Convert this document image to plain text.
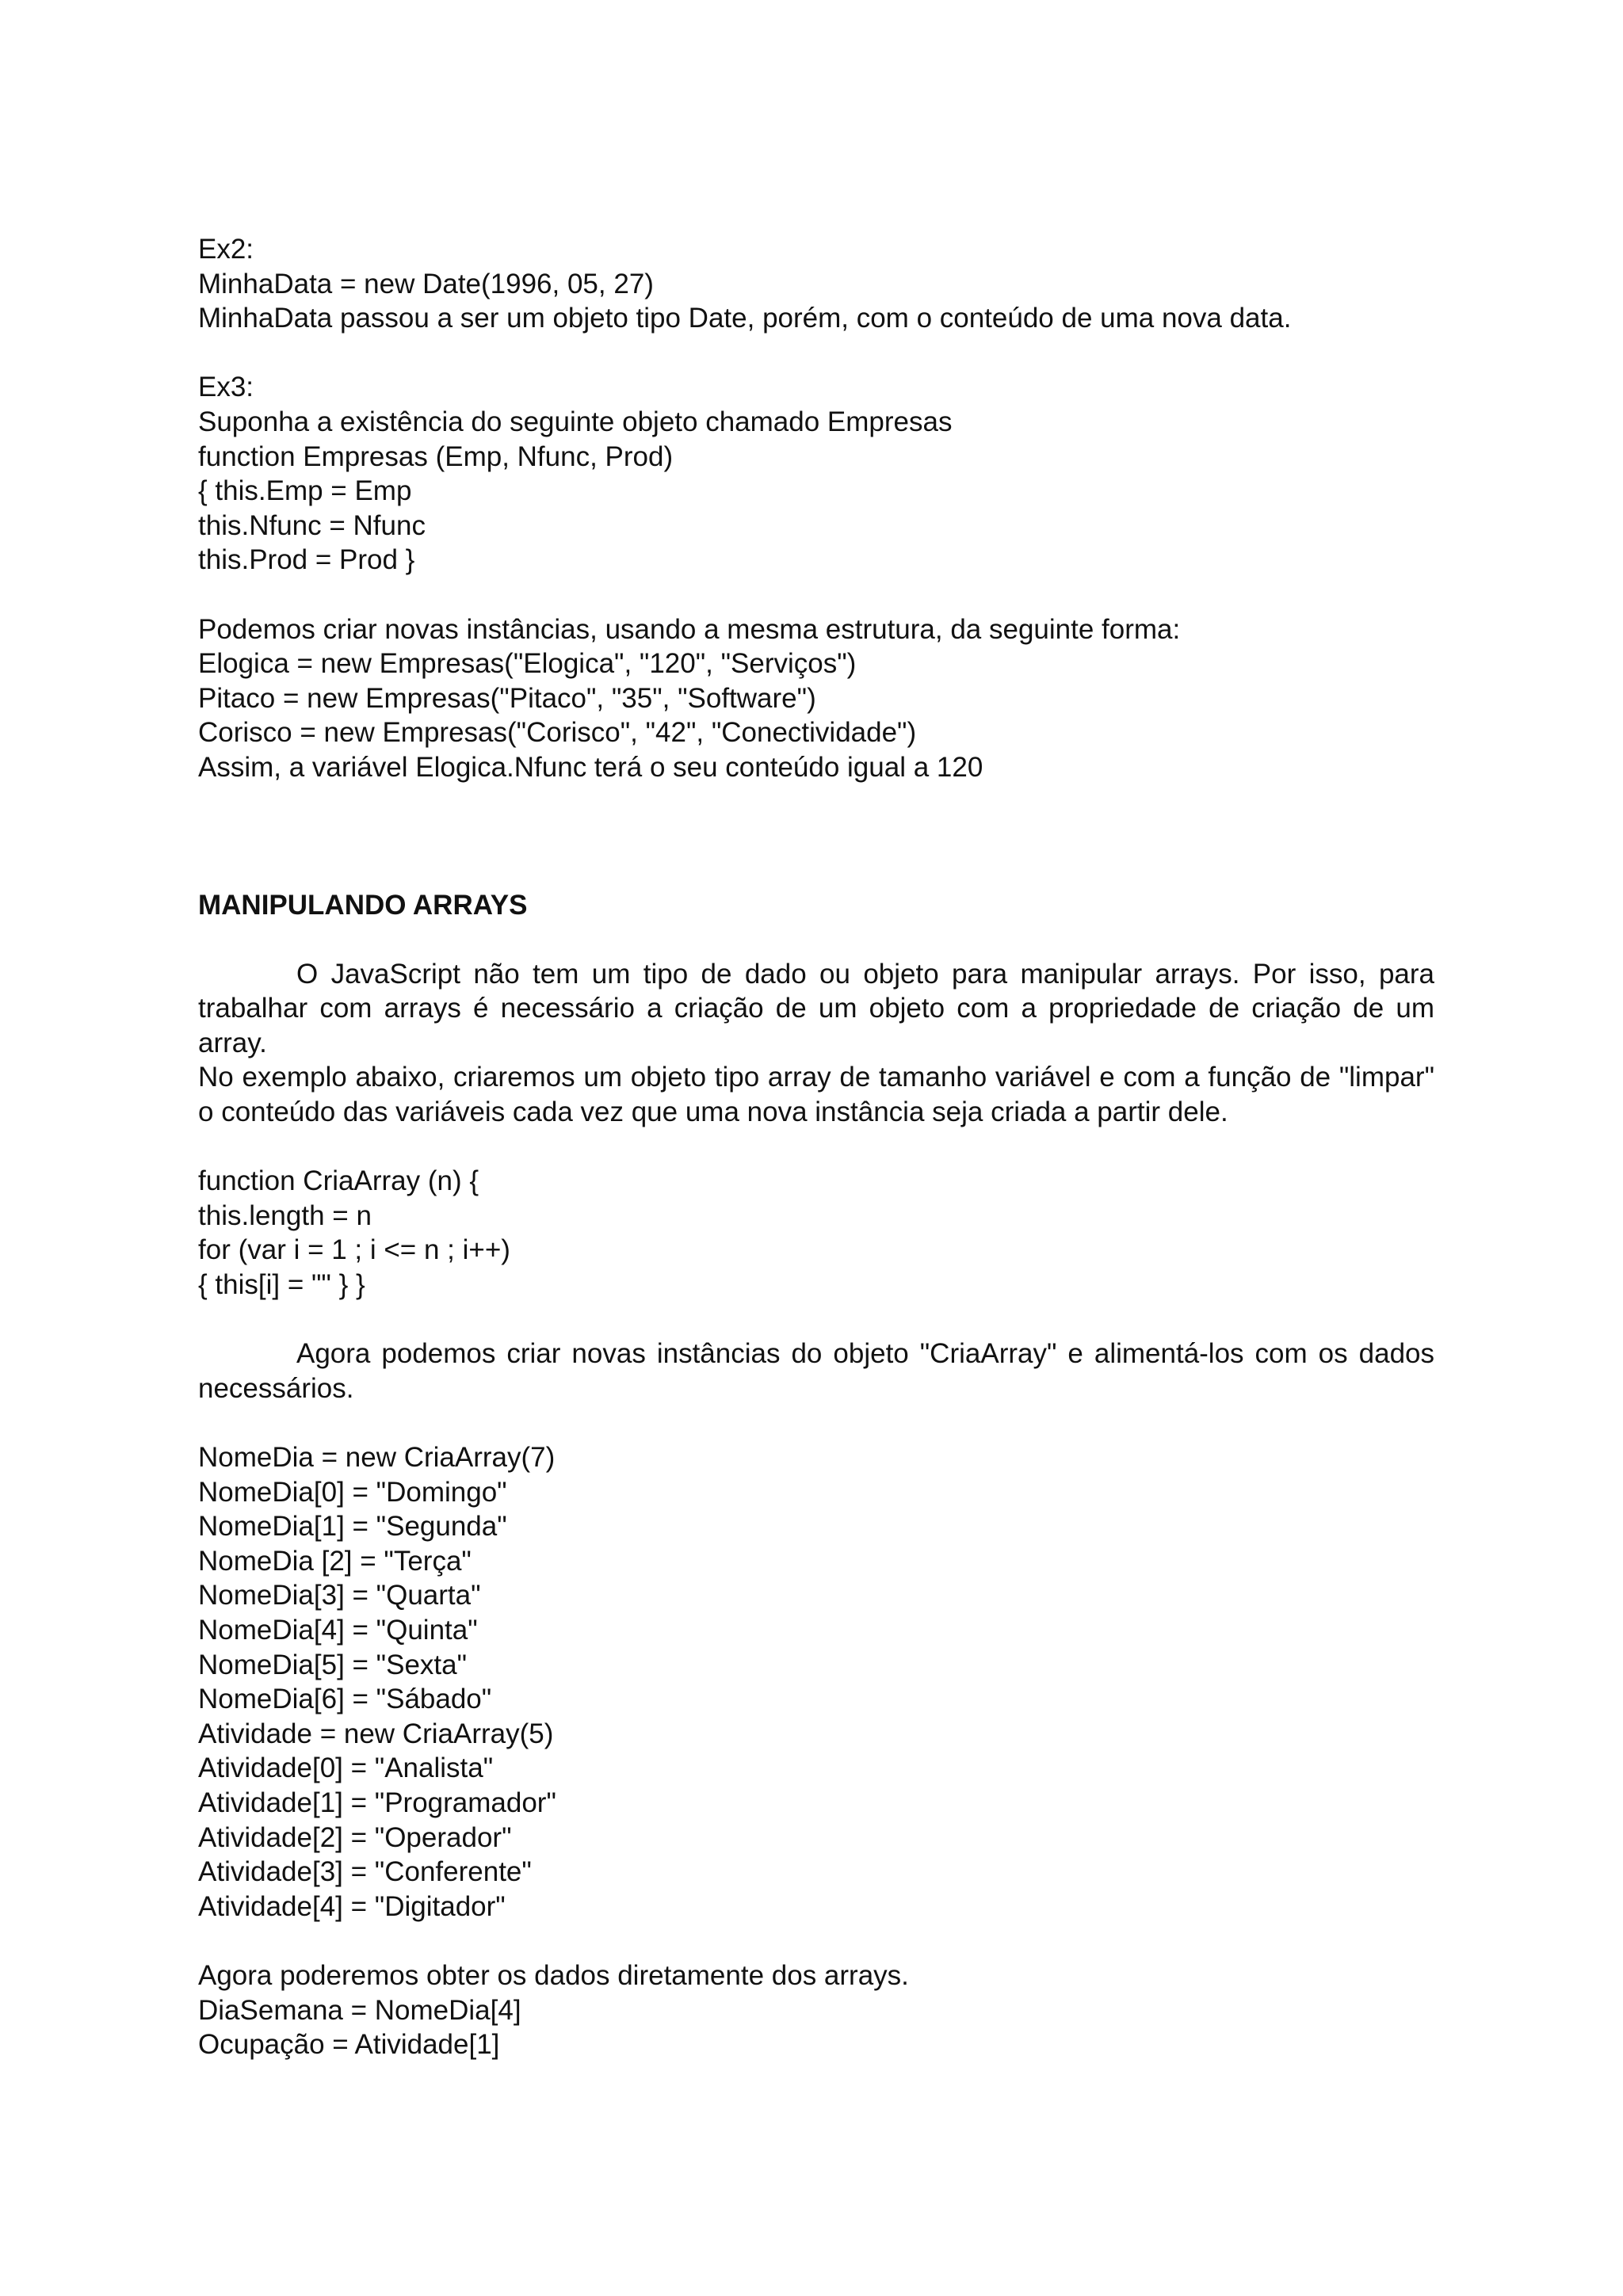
Ex2:
MinhaData = new Date(1996, 05, 27)
MinhaData passou a ser um objeto tipo Date, porém, com o conteúdo de uma nova data.
Ex3:
Suponha a existência do seguinte objeto chamado Empresas
function Empresas (Emp, Nfunc, Prod)
{ this.Emp = Emp
this.Nfunc = Nfunc
this.Prod = Prod }
Podemos criar novas instâncias, usando a mesma estrutura, da seguinte forma:
Elogica = new Empresas("Elogica", "120", "Serviços")
Pitaco = new Empresas("Pitaco", "35", "Software")
Corisco = new Empresas("Corisco", "42", "Conectividade")
Assim, a variável Elogica.Nfunc terá o seu conteúdo igual a 120
MANIPULANDO ARRAYS
O JavaScript não tem um tipo de dado ou objeto para manipular arrays. Por isso, para trabalhar com arrays é necessário a criação de um objeto com a propriedade de criação de um array.
No exemplo abaixo, criaremos um objeto tipo array de tamanho variável e com a função de "limpar" o conteúdo das variáveis cada vez que uma nova instância seja criada a partir dele.
function CriaArray (n) {
this.length = n
for (var i = 1 ; i <= n ; i++)
{ this[i] = "" } }
Agora podemos criar novas instâncias do objeto "CriaArray" e alimentá-los com os dados necessários.
NomeDia = new CriaArray(7)
NomeDia[0] = "Domingo"
NomeDia[1] = "Segunda"
NomeDia [2] = "Terça"
NomeDia[3] = "Quarta"
NomeDia[4] = "Quinta"
NomeDia[5] = "Sexta"
NomeDia[6] = "Sábado"
Atividade = new CriaArray(5)
Atividade[0] = "Analista"
Atividade[1] = "Programador"
Atividade[2] = "Operador"
Atividade[3] = "Conferente"
Atividade[4] = "Digitador"
Agora poderemos obter os dados diretamente dos arrays.
DiaSemana = NomeDia[4]
Ocupação = Atividade[1]
